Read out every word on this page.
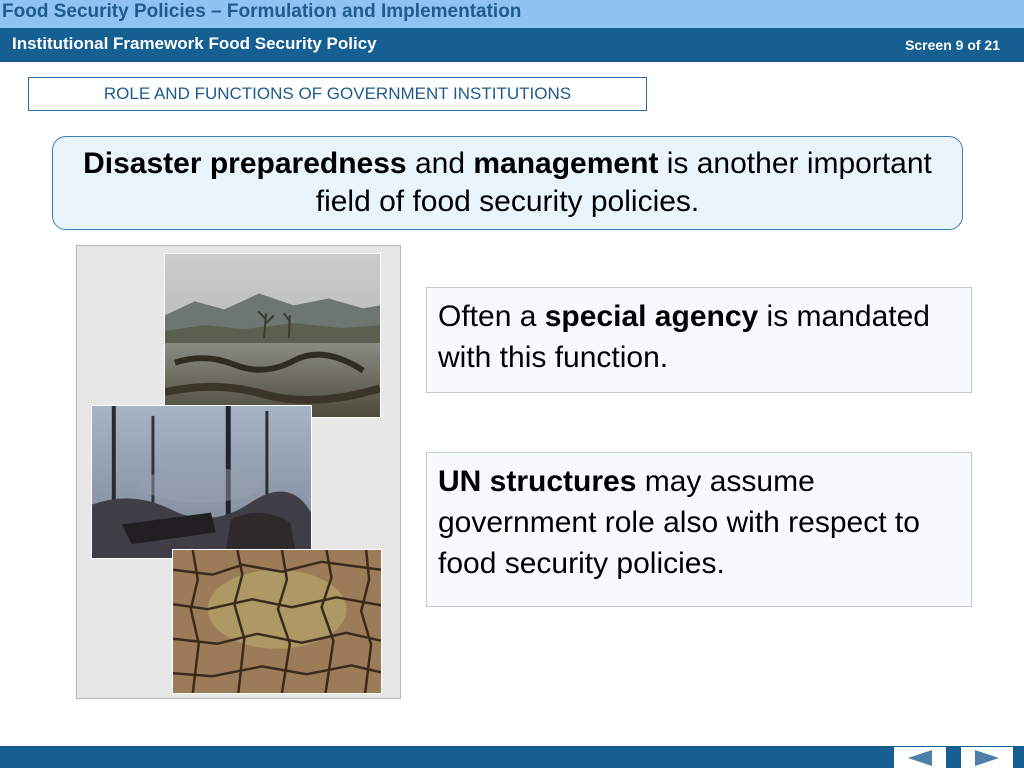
Food Security Policies – Formulation and Implementation
Institutional Framework Food Security Policy	Screen 9 of 21
ROLE AND FUNCTIONS OF GOVERNMENT INSTITUTIONS
Disaster preparedness and management is another important field of food security policies.
Often a special agency is mandated with this function.
UN structures may assume government role also with respect to food security policies.
